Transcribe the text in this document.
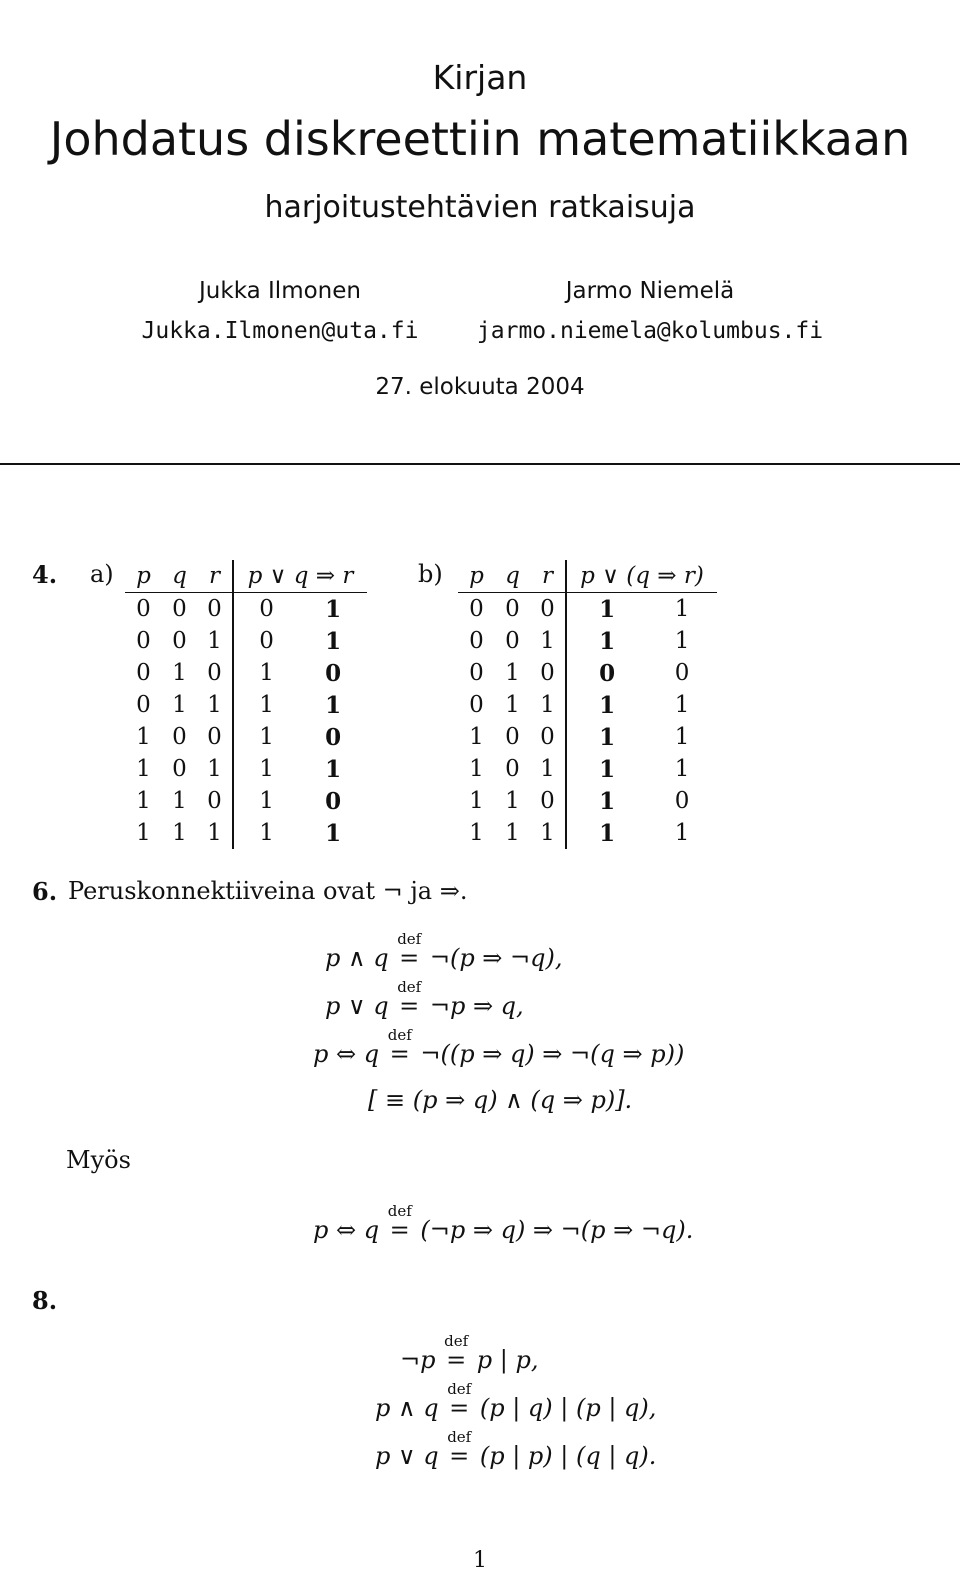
Kirjan
Johdatus diskreettiin matematiikkaan
harjoitustehtävien ratkaisuja
Jukka Ilmonen
Jukka.Ilmonen@uta.fi
Jarmo Niemelä
jarmo.niemela@kolumbus.fi
27. elokuuta 2004
4. a) p	q	r	p ∨ q ⇒ r	
0	0	0	0	1
0	0	1	0	1
0	1	0	1	0
0	1	1	1	1
1	0	0	1	0
1	0	1	1	1
1	1	0	1	0
1	1	1	1	1
b) p	q	r	p ∨ (q ⇒ r)	
0	0	0	1	1
0	0	1	1	1
0	1	0	0	0
0	1	1	1	1
1	0	0	1	1
1	0	1	1	1
1	1	0	1	0
1	1	1	1	1
6. Peruskonnektiiveina ovat ¬ ja ⇒.
p ∧ q
def
= ¬(p ⇒ ¬q),
p ∨ q
def
= ¬p ⇒ q,
p ⇔ q
def
= ¬((p ⇒ q) ⇒ ¬(q ⇒ p))
[ ≡ (p ⇒ q) ∧ (q ⇒ p)].
Myös
p ⇔ q
def
= (¬p ⇒ q) ⇒ ¬(p ⇒ ¬q).
8.
¬p
def
= p | p,
p ∧ q
def
= (p | q) | (p | q),
p ∨ q
def
= (p | p) | (q | q).
1
